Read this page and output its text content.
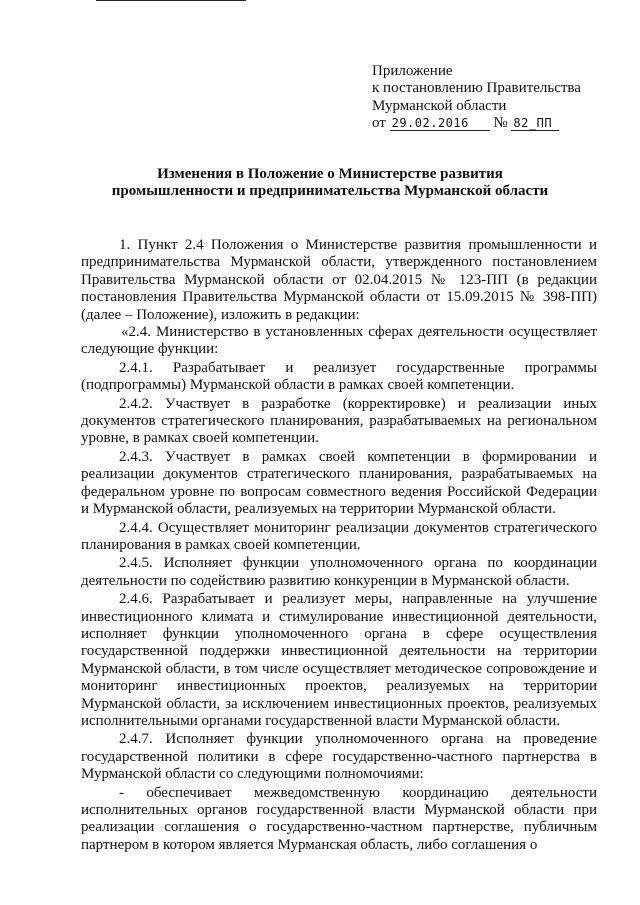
Приложение
к постановлению Правительства
Мурманской области
от 29.02.2016 № 82_ПП
Изменения в Положение о Министерстве развития
промышленности и предпринимательства Мурманской области

1. Пункт 2.4 Положения о Министерстве развития промышленности и предпринимательства Мурманской области, утвержденного постановлением Правительства Мурманской области от 02.04.2015 № 123-ПП (в редакции постановления Правительства Мурманской области от 15.09.2015 № 398-ПП) (далее – Положение), изложить в редакции:

«2.4. Министерство в установленных сферах деятельности осуществляет следующие функции:

2.4.1. Разрабатывает и реализует государственные программы (подпрограммы) Мурманской области в рамках своей компетенции.

2.4.2. Участвует в разработке (корректировке) и реализации иных документов стратегического планирования, разрабатываемых на региональном уровне, в рамках своей компетенции.

2.4.3. Участвует в рамках своей компетенции в формировании и реализации документов стратегического планирования, разрабатываемых на федеральном уровне по вопросам совместного ведения Российской Федерации и Мурманской области, реализуемых на территории Мурманской области.

2.4.4. Осуществляет мониторинг реализации документов стратегического планирования в рамках своей компетенции.

2.4.5. Исполняет функции уполномоченного органа по координации деятельности по содействию развитию конкуренции в Мурманской области.

2.4.6. Разрабатывает и реализует меры, направленные на улучшение инвестиционного климата и стимулирование инвестиционной деятельности, исполняет функции уполномоченного органа в сфере осуществления государственной поддержки инвестиционной деятельности на территории Мурманской области, в том числе осуществляет методическое сопровождение и мониторинг инвестиционных проектов, реализуемых на территории Мурманской области, за исключением инвестиционных проектов, реализуемых исполнительными органами государственной власти Мурманской области.

2.4.7. Исполняет функции уполномоченного органа на проведение государственной политики в сфере государственно-частного партнерства в Мурманской области со следующими полномочиями:

- обеспечивает межведомственную координацию деятельности исполнительных органов государственной власти Мурманской области при реализации соглашения о государственно-частном партнерстве, публичным партнером в котором является Мурманская область, либо соглашения о
